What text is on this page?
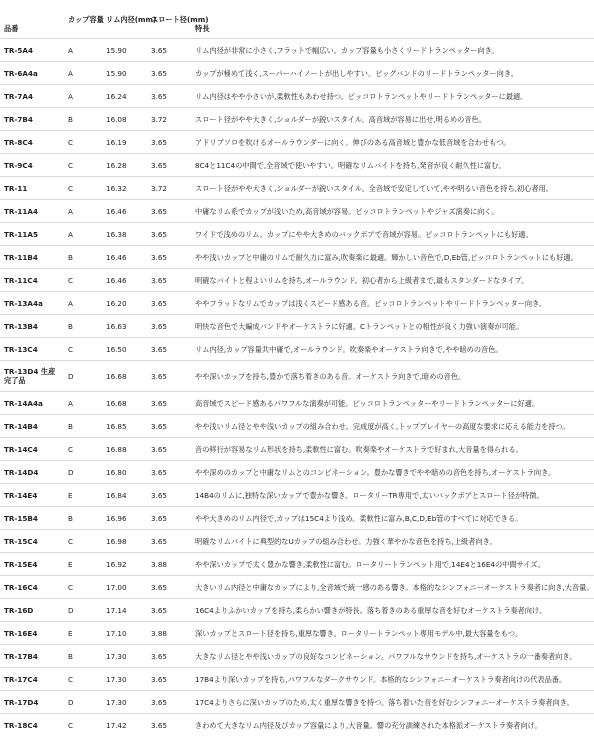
品番	カップ容量	リム内径(mm)	スロート径(mm)	特長
TR-5A4	A	15.90	3.65	リム内径が非常に小さく,フラットで幅広い。カップ容量も小さくリードトランペッター向き。
TR-6A4a	A	15.90	3.65	カップが極めて浅く,スーパーハイノートが出しやすい。ビッグバンドのリードトランペッター向き。
TR-7A4	A	16.24	3.65	リム内径はやや小さいが,柔軟性もあわせ持つ。ピッコロトランペットやリードトランペッターに最適。
TR-7B4	B	16.08	3.72	スロート径がやや大きく,ショルダーが鋭いスタイル。高音域が容易に出せ,明るめの音色。
TR-8C4	C	16.19	3.65	アドリブソロを吹けるオールラウンダーに向く。伸びのある高音域と豊かな低音域を合わせもつ。
TR-9C4	C	16.28	3.65	8C4と11C4の中間で,全音域で使いやすい。明確なリムバイトを持ち,発音が良く耐久性に富む。
TR-11	C	16.32	3.72	スロート径がやや大きく,ショルダーが鋭いスタイル。全音域で安定していて,やや明るい音色を持ち,初心者用。
TR-11A4	A	16.46	3.65	中庸なリム系でカップが浅いため,高音域が容易。ピッコロトランペットやジャズ演奏に向く。
TR-11A5	A	16.38	3.65	ワイドで浅めのリム。カップにやや大きめのバックボアで音域が容易。ピッコロトランペットにも好適。
TR-11B4	B	16.46	3.65	やや浅いカップと中庸のリムで耐久力に富み,吹奏楽に最適。輝かしい音色で,D,Eb管,ピッコロトランペットにも好適。
TR-11C4	C	16.46	3.65	明確なバイトと程よいリムを持ち,オールラウンド。初心者から上級者まで,最もスタンダードなタイプ。
TR-13A4a	A	16.20	3.65	ややフラットなリムでカップは浅くスピード感ある音。ピッコロトランペットやリードトランペッター向き。
TR-13B4	B	16.63	3.65	明快な音色で大編成バンドやオーケストラに好適。Cトランペットとの相性が良く力強い演奏が可能。
TR-13C4	C	16.50	3.65	リム内径,カップ容量共中庸で,オールラウンド。吹奏楽やオーケストラ向きで,やや暗めの音色。
TR-13D4 生産完了品	D	16.68	3.65	やや深いカップを持ち,豊かで落ち着きのある音。オーケストラ向きで,暗めの音色。
TR-14A4a	A	16.68	3.65	高音域でスピード感あるパワフルな演奏が可能。ピッコロトランペッターやリードトランペッターに好適。
TR-14B4	B	16.85	3.65	やや浅いリム径とやや浅いカップの組み合わせ。完成度が高く,トッププレイヤーの高度な要求に応える能力を持つ。
TR-14C4	C	16.88	3.65	音の移行が容易なリム形状を持ち,柔軟性に富む。吹奏楽やオーケストラで好まれ,大音量を得られる。
TR-14D4	D	16.80	3.65	やや深めのカップと中庸なリムとのコンビネーション。豊かな響きでやや暗めの音色を持ち,オーケストラ向き。
TR-14E4	E	16.84	3.65	14B4のリムに,独特な深いカップで豊かな響き。ロータリーTR専用で,太いバックボアとスロート径が特徴。
TR-15B4	B	16.96	3.65	やや大きめのリム内径で,カップは15C4より浅め。柔軟性に富み,B,C,D,Eb管のすべてに対応できる。
TR-15C4	C	16.98	3.65	明確なリムバイトに典型的なUカップの組み合わせ。力強く華やかな音色を持ち,上級者向き。
TR-15E4	E	16.92	3.88	やや深いカップで太く豊かな響き,柔軟性に富む。ロータリートランペット用で,14E4と16E4の中間サイズ。
TR-16C4	C	17.00	3.65	大きいリム内径と中庸なカップにより,全音域で統一感のある響き。本格的なシンフォニーオーケストラ奏者に向き,大音量。
TR-16D	D	17.14	3.65	16C4よりふかいカップを持ち,柔らかい響きが特長。落ち着きのある重厚な音を好むオーケストラ奏者向け。
TR-16E4	E	17.10	3.88	深いカップとスロート径を持ち,重厚な響き。ロータリートランペット専用モデル中,最大容量をもつ。
TR-17B4	B	17.30	3.65	大きなリム径とやや浅いカップの良好なコンビネーション。パワフルなサウンドを持ち,オーケストラの一番奏者向き。
TR-17C4	C	17.30	3.65	17B4より深いカップを持ち,パワフルなダークサウンド。本格的なシンフォニーオーケストラ奏者向けの代表品番。
TR-17D4	D	17.30	3.65	17C4よりさらに深いカップのため,太く重厚な響きを持つ。落ち着いた音を好むシンフォニーオーケストラ奏者向き。
TR-18C4	C	17.42	3.65	きわめて大きなリム内径及びカップ容量により,大音量。響の充分訓練された本格派オーケストラ奏者向け。
